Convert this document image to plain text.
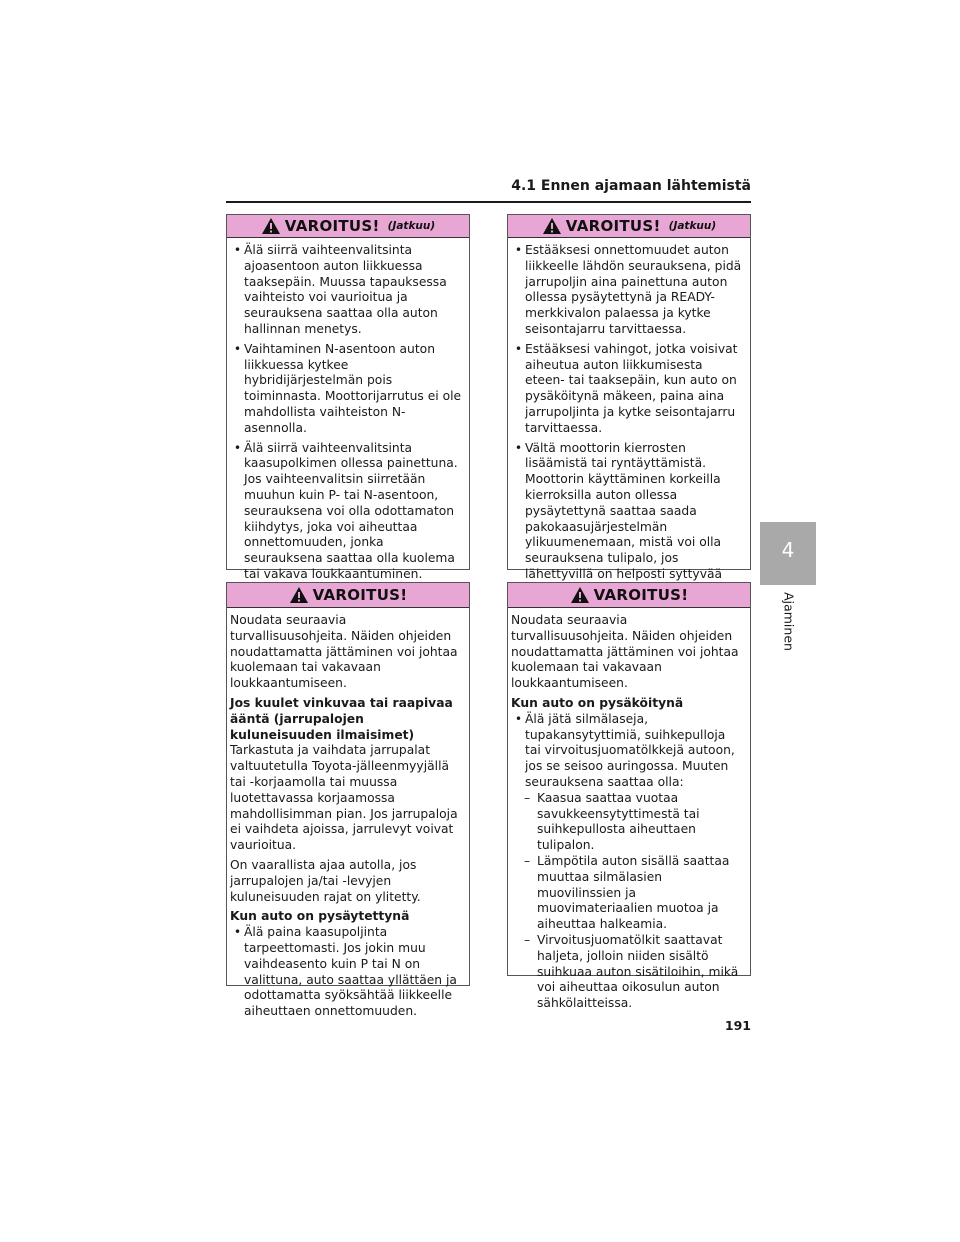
4.1 Ennen ajamaan lähtemistä
4
Ajaminen
VAROITUS! (Jatkuu)
• Älä siirrä vaihteenvalitsinta ajoasentoon auton liikkuessa taaksepäin. Muussa tapauksessa vaihteisto voi vaurioitua ja seurauksena saattaa olla auton hallinnan menetys.
• Vaihtaminen N-asentoon auton liikkuessa kytkee hybridijärjestelmän pois toiminnasta. Moottorijarrutus ei ole mahdollista vaihteiston N-asennolla.
• Älä siirrä vaihteenvalitsinta kaasupolkimen ollessa painettuna. Jos vaihteenvalitsin siirretään muuhun kuin P- tai N-asentoon, seurauksena voi olla odottamaton kiihdytys, joka voi aiheuttaa onnettomuuden, jonka seurauksena saattaa olla kuolema tai vakava loukkaantuminen.
VAROITUS! (Jatkuu)
• Estääksesi onnettomuudet auton liikkeelle lähdön seurauksena, pidä jarrupoljin aina painettuna auton ollessa pysäytettynä ja READY-merkkivalon palaessa ja kytke seisontajarru tarvittaessa.
• Estääksesi vahingot, jotka voisivat aiheutua auton liikkumisesta eteen- tai taaksepäin, kun auto on pysäköitynä mäkeen, paina aina jarrupoljinta ja kytke seisontajarru tarvittaessa.
• Vältä moottorin kierrosten lisäämistä tai ryntäyttämistä. Moottorin käyttäminen korkeilla kierroksilla auton ollessa pysäytettynä saattaa saada pakokaasujärjestelmän ylikuumenemaan, mistä voi olla seurauksena tulipalo, jos lähettyvillä on helposti syttyvää
VAROITUS!

Noudata seuraavia turvallisuusohjeita. Näiden ohjeiden noudattamatta jättäminen voi johtaa kuolemaan tai vakavaan loukkaantumiseen.

Jos kuulet vinkuvaa tai raapivaa ääntä (jarrupalojen kuluneisuuden ilmaisimet)

Tarkastuta ja vaihdata jarrupalat valtuutetulla Toyota-jälleenmyyjällä tai -korjaamolla tai muussa luotettavassa korjaamossa mahdollisimman pian. Jos jarrupaloja ei vaihdeta ajoissa, jarrulevyt voivat vaurioitua.

On vaarallista ajaa autolla, jos jarrupalojen ja/tai -levyjen kuluneisuuden rajat on ylitetty.

Kun auto on pysäytettynä

• Älä paina kaasupoljinta tarpeettomasti. Jos jokin muu vaihdeasento kuin P tai N on valittuna, auto saattaa yllättäen ja odottamatta syöksähtää liikkeelle aiheuttaen onnettomuuden.
VAROITUS!

Noudata seuraavia turvallisuusohjeita. Näiden ohjeiden noudattamatta jättäminen voi johtaa kuolemaan tai vakavaan loukkaantumiseen.

Kun auto on pysäköitynä

• Älä jätä silmälaseja, tupakansytyttimiä, suihkepulloja tai virvoitusjuomatölkkejä autoon, jos se seisoo auringossa. Muuten seurauksena saattaa olla:
– Kaasua saattaa vuotaa savukkeensytyttimestä tai suihkepullosta aiheuttaen tulipalon.
– Lämpötila auton sisällä saattaa muuttaa silmälasien muovilinssien ja muovimateriaalien muotoa ja aiheuttaa halkeamia.
– Virvoitusjuomatölkit saattavat haljeta, jolloin niiden sisältö suihkuaa auton sisätiloihin, mikä voi aiheuttaa oikosulun auton sähkölaitteissa.
191
